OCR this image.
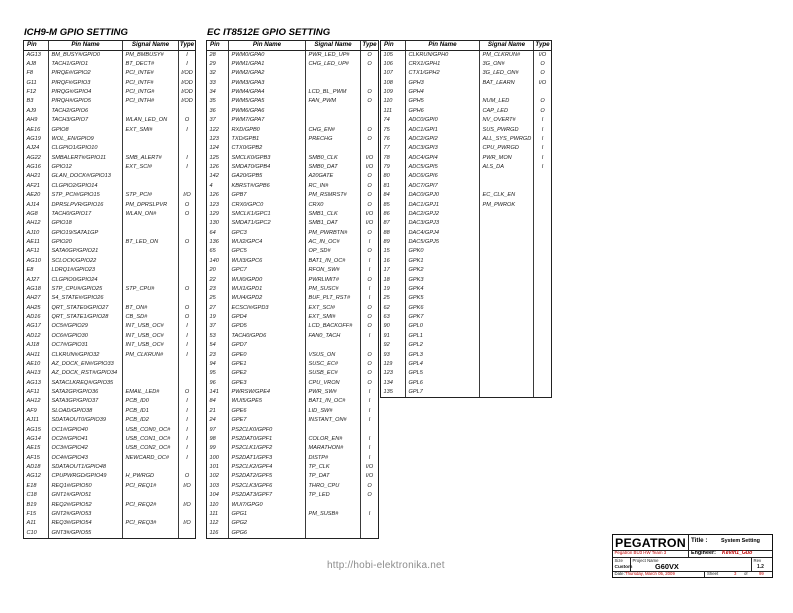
ICH9-M GPIO SETTING
Pin	Pin Name	Signal Name	Type
AG13	BM_BUSY#/GPIO0	PM_BMBUSY#	I
AJ8	TACH1/GPIO1	BT_DECT#	I
F8	PIRQE#/GPIO2	PCI_INTE#	I/OD
G11	PIRQF#/GPIO3	PCI_INTF#	I/OD
F12	PIRQG#/GPIO4	PCI_INTG#	I/OD
B3	PIRQH#/GPIO5	PCI_INTH#	I/OD
AJ9	TACH2/GPIO6
AH9	TACH3/GPIO7	WLAN_LED_ON	O
AE16	GPIO8	EXT_SMI#	I
AG19	WOL_EN/GPIO9
AJ24	CLGPIO1/GPIO10
AG22	SMBALERT#/GPIO11	SMB_ALERT#	I
AG16	GPIO12	EXT_SCI#	I
AH21	GLAN_DOCK#/GPIO13
AF21	CLGPIO2/GPIO14
AE20	STP_PCI#/GPIO15	STP_PCI#	I/O
AJ14	DPRSLPVR/GPIO16	PM_DPRSLPVR	O
AG8	TACH0/GPIO17	WLAN_ON#	O
AH12	GPIO18
AJ10	GPIO19/SATA1GP
AE11	GPIO20	BT_LED_ON	O
AF11	SATA0GP/GPIO21
AG10	SCLOCK/GPIO22
E8	LDRQ1#/GPIO23
AJ27	CLGPIO0/GPIO24
AG18	STP_CPU#/GPIO25	STP_CPU#	O
AH27	S4_STATE#/GPIO26
AH25	QRT_STATE0/GPIO27	BT_ON#	O
AD16	QRT_STATE1/GPIO28	CB_SD#	O
AG17	OC5#/GPIO29	INT_USB_OC#	I
AD12	OC6#/GPIO30	INT_USB_OC#	I
AJ18	OC7#/GPIO31	INT_USB_OC#	I
AH11	CLKRUN#/GPIO32	PM_CLKRUN#	I
AE10	AZ_DOCK_EN#/GPIO33
AH13	AZ_DOCK_RST#/GPIO34
AG13	SATACLKREQ#/GPIO35
AF11	SATA2GP/GPIO36	EMAIL_LED#	O
AH12	SATA3GP/GPIO37	PCB_ID0	I
AF9	SLOAD/GPIO38	PCB_ID1	I
AJ11	SDATAOUT0/GPIO39	PCB_ID2	I
AG15	OC1#/GPIO40	USB_CON0_OC#	I
AG14	OC2#/GPIO41	USB_CON1_OC#	I
AE15	OC3#/GPIO42	USB_CON2_OC#	I
AF15	OC4#/GPIO43	NEWCARD_OC#	I
AD18	SDATAOUT1/GPIO48
AG12	CPUPWRGD/GPIO49	H_PWRGD	O
E18	REQ1#/GPIO50	PCI_REQ1#	I/O
C18	GNT1#/GPIO51
B19	REQ2#/GPIO52	PCI_REQ2#	I/O
F15	GNT2#/GPIO53
A11	REQ3#/GPIO54	PCI_REQ3#	I/O
C10	GNT3#/GPIO55
EC IT8512E GPIO SETTING
Pin	Pin Name	Signal Name	Type
28	PWM0/GPA0	PWR_LED_UP#	O
29	PWM1/GPA1	CHG_LED_UP#	O
32	PWM2/GPA2
33	PWM3/GPA3
34	PWM4/GPA4	LCD_BL_PWM	O
35	PWM5/GPA5	FAN_PWM	O
36	PWM6/GPA6
37	PWM7/GPA7
122	RXD/GPB0	CHG_EN#	O
123	TXD/GPB1	PRECHG	O
124	CTX0/GPB2
125	SMCLK0/GPB3	SMB0_CLK	I/O
126	SMDAT0/GPB4	SMB0_DAT	I/O
142	GA20/GPB5	A20GATE	O
4	KBRST#/GPB6	RC_IN#	O
126	GPB7	PM_RSMRST#	O
123	CRX0/GPC0	CRX0	O
129	SMCLK1/GPC1	SMB1_CLK	I/O
130	SMDAT1/GPC2	SMB1_DAT	I/O
64	GPC3	PM_PWRBTN#	O
136	WUI2/GPC4	AC_IN_OC#	I
65	GPC5	OP_SD#	O
140	WUI3/GPC6	BAT1_IN_OC#	I
20	GPC7	RFON_SW#	I
22	WUI0/GPD0	PWRLIMIT#	O
23	WUI1/GPD1	PM_SUSC#	I
25	WUI4/GPD2	BUF_PLT_RST#	I
27	ECSCI#/GPD3	EXT_SCI#	O
19	GPD4	EXT_SMI#	O
37	GPD5	LCD_BACKOFF#	O
53	TACH0/GPD6	FAN0_TACH	I
54	GPD7
23	GPE0	VSUS_ON	O
94	GPE1	SUSC_EC#	O
95	GPE2	SUSB_EC#	O
96	GPE3	CPU_VRON	O
141	PWRSW/GPE4	PWR_SW#	I
84	WUI5/GPE5	BAT1_IN_OC#	I
21	GPE6	LID_SW#	I
24	GPE7	INSTANT_ON#	I
97	PS2CLK0/GPF0
98	PS2DAT0/GPF1	COLOR_EN#	I
99	PS2CLK1/GPF2	MARATHON#	I
100	PS2DAT1/GPF3	DISTP#	I
101	PS2CLK2/GPF4	TP_CLK	I/O
102	PS2DAT2/GPF5	TP_DAT	I/O
103	PS2CLK3/GPF6	THRO_CPU	O
104	PS2DAT3/GPF7	TP_LED	O
110	WUI7/GPG0
111	GPG1	PM_SUSB#	I
112	GPG2
116	GPG6
Pin	Pin Name	Signal Name	Type
105	CLKRUN/GPH0	PM_CLKRUN#	I/O
106	CRX1/GPH1	3G_ON#	O
107	CTX1/GPH2	3G_LED_ON#	O
108	GPH3	BAT_LEARN	I/O
109	GPH4
110	GPH5	NUM_LED	O
111	GPH6	CAP_LED	O
74	ADC0/GPI0	NV_OVERT#	I
75	ADC1/GPI1	SUS_PWRGD	I
76	ADC2/GPI2	ALL_SYS_PWRGD	I
77	ADC3/GPI3	CPU_PWRGD	I
78	ADC4/GPI4	PWR_MON	I
79	ADC5/GPI5	ALS_DA	I
80	ADC6/GPI6
81	ADC7/GPI7
84	DAC0/GPJ0	EC_CLK_EN
85	DAC1/GPJ1	PM_PWROK
86	DAC2/GPJ2
87	DAC3/GPJ3
88	DAC4/GPJ4
89	DAC5/GPJ5
15	GPK0
16	GPK1
17	GPK2
18	GPK3
19	GPK4
25	GPK5
62	GPK6
63	GPK7
90	GPL0
91	GPL1
92	GPL2
93	GPL3
119	GPL4
123	GPL5
134	GPL6
135	GPL7
http://hobi-elektronika.net
PEGATRON Title :	System Setting
Pegatron BU3 HW Team 3	Engineer: Kevin1_Guo
Size
Custom
Project Name
G60VX
Rev
1.2
Date: Thursday, March 05, 2009	Sheet	3 of	99
